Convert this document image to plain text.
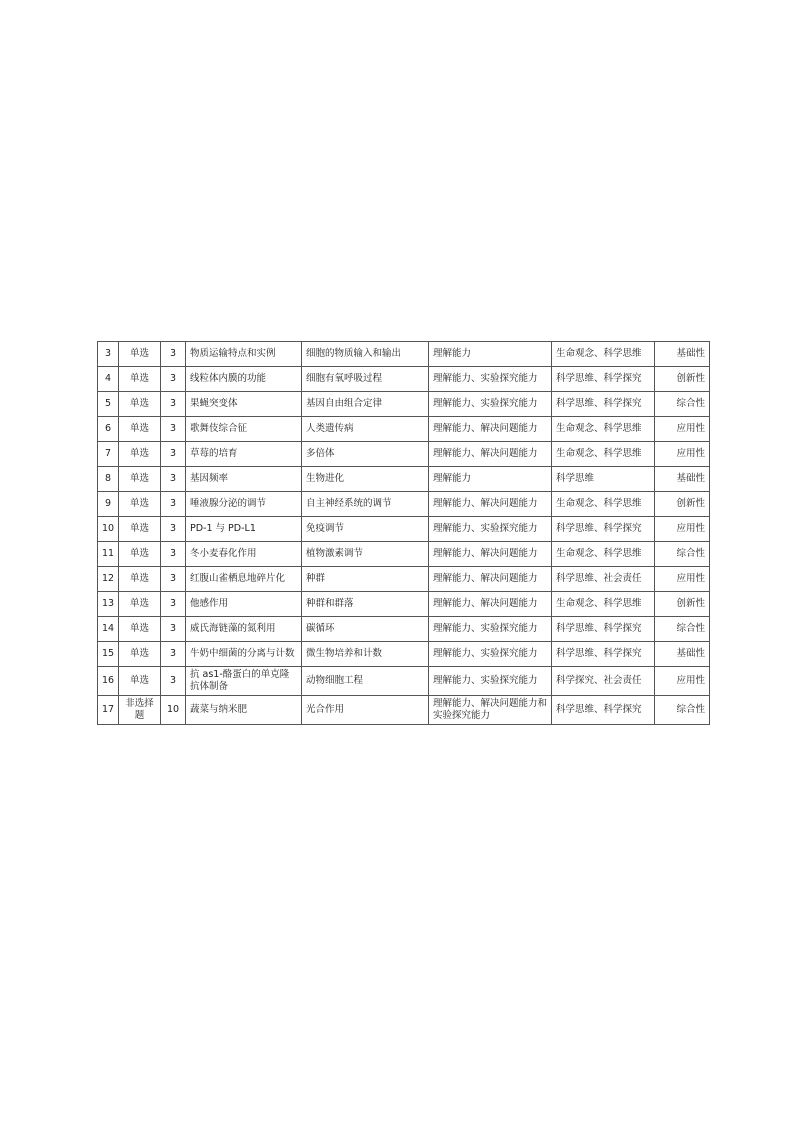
3	单选	3	物质运输特点和实例	细胞的物质输入和输出	理解能力	生命观念、科学思维	基础性
4	单选	3	线粒体内膜的功能	细胞有氧呼吸过程	理解能力、实验探究能力	科学思维、科学探究	创新性
5	单选	3	果蝇突变体	基因自由组合定律	理解能力、实验探究能力	科学思维、科学探究	综合性
6	单选	3	歌舞伎综合征	人类遗传病	理解能力、解决问题能力	生命观念、科学思维	应用性
7	单选	3	草莓的培育	多倍体	理解能力、解决问题能力	生命观念、科学思维	应用性
8	单选	3	基因频率	生物进化	理解能力	科学思维	基础性
9	单选	3	唾液腺分泌的调节	自主神经系统的调节	理解能力、解决问题能力	生命观念、科学思维	创新性
10	单选	3	PD-1 与 PD-L1	免疫调节	理解能力、实验探究能力	科学思维、科学探究	应用性
11	单选	3	冬小麦春化作用	植物激素调节	理解能力、解决问题能力	生命观念、科学思维	综合性
12	单选	3	红腹山雀栖息地碎片化	种群	理解能力、解决问题能力	科学思维、社会责任	应用性
13	单选	3	他感作用	种群和群落	理解能力、解决问题能力	生命观念、科学思维	创新性
14	单选	3	威氏海链藻的氮利用	碳循环	理解能力、实验探究能力	科学思维、科学探究	综合性
15	单选	3	牛奶中细菌的分离与计数	微生物培养和计数	理解能力、实验探究能力	科学思维、科学探究	基础性
16	单选	3	抗 as1-酪蛋白的单克隆抗体制备	动物细胞工程	理解能力、实验探究能力	科学探究、社会责任	应用性
17	非选择题	10	蔬菜与纳米肥	光合作用	理解能力、解决问题能力和实验探究能力	科学思维、科学探究	综合性
